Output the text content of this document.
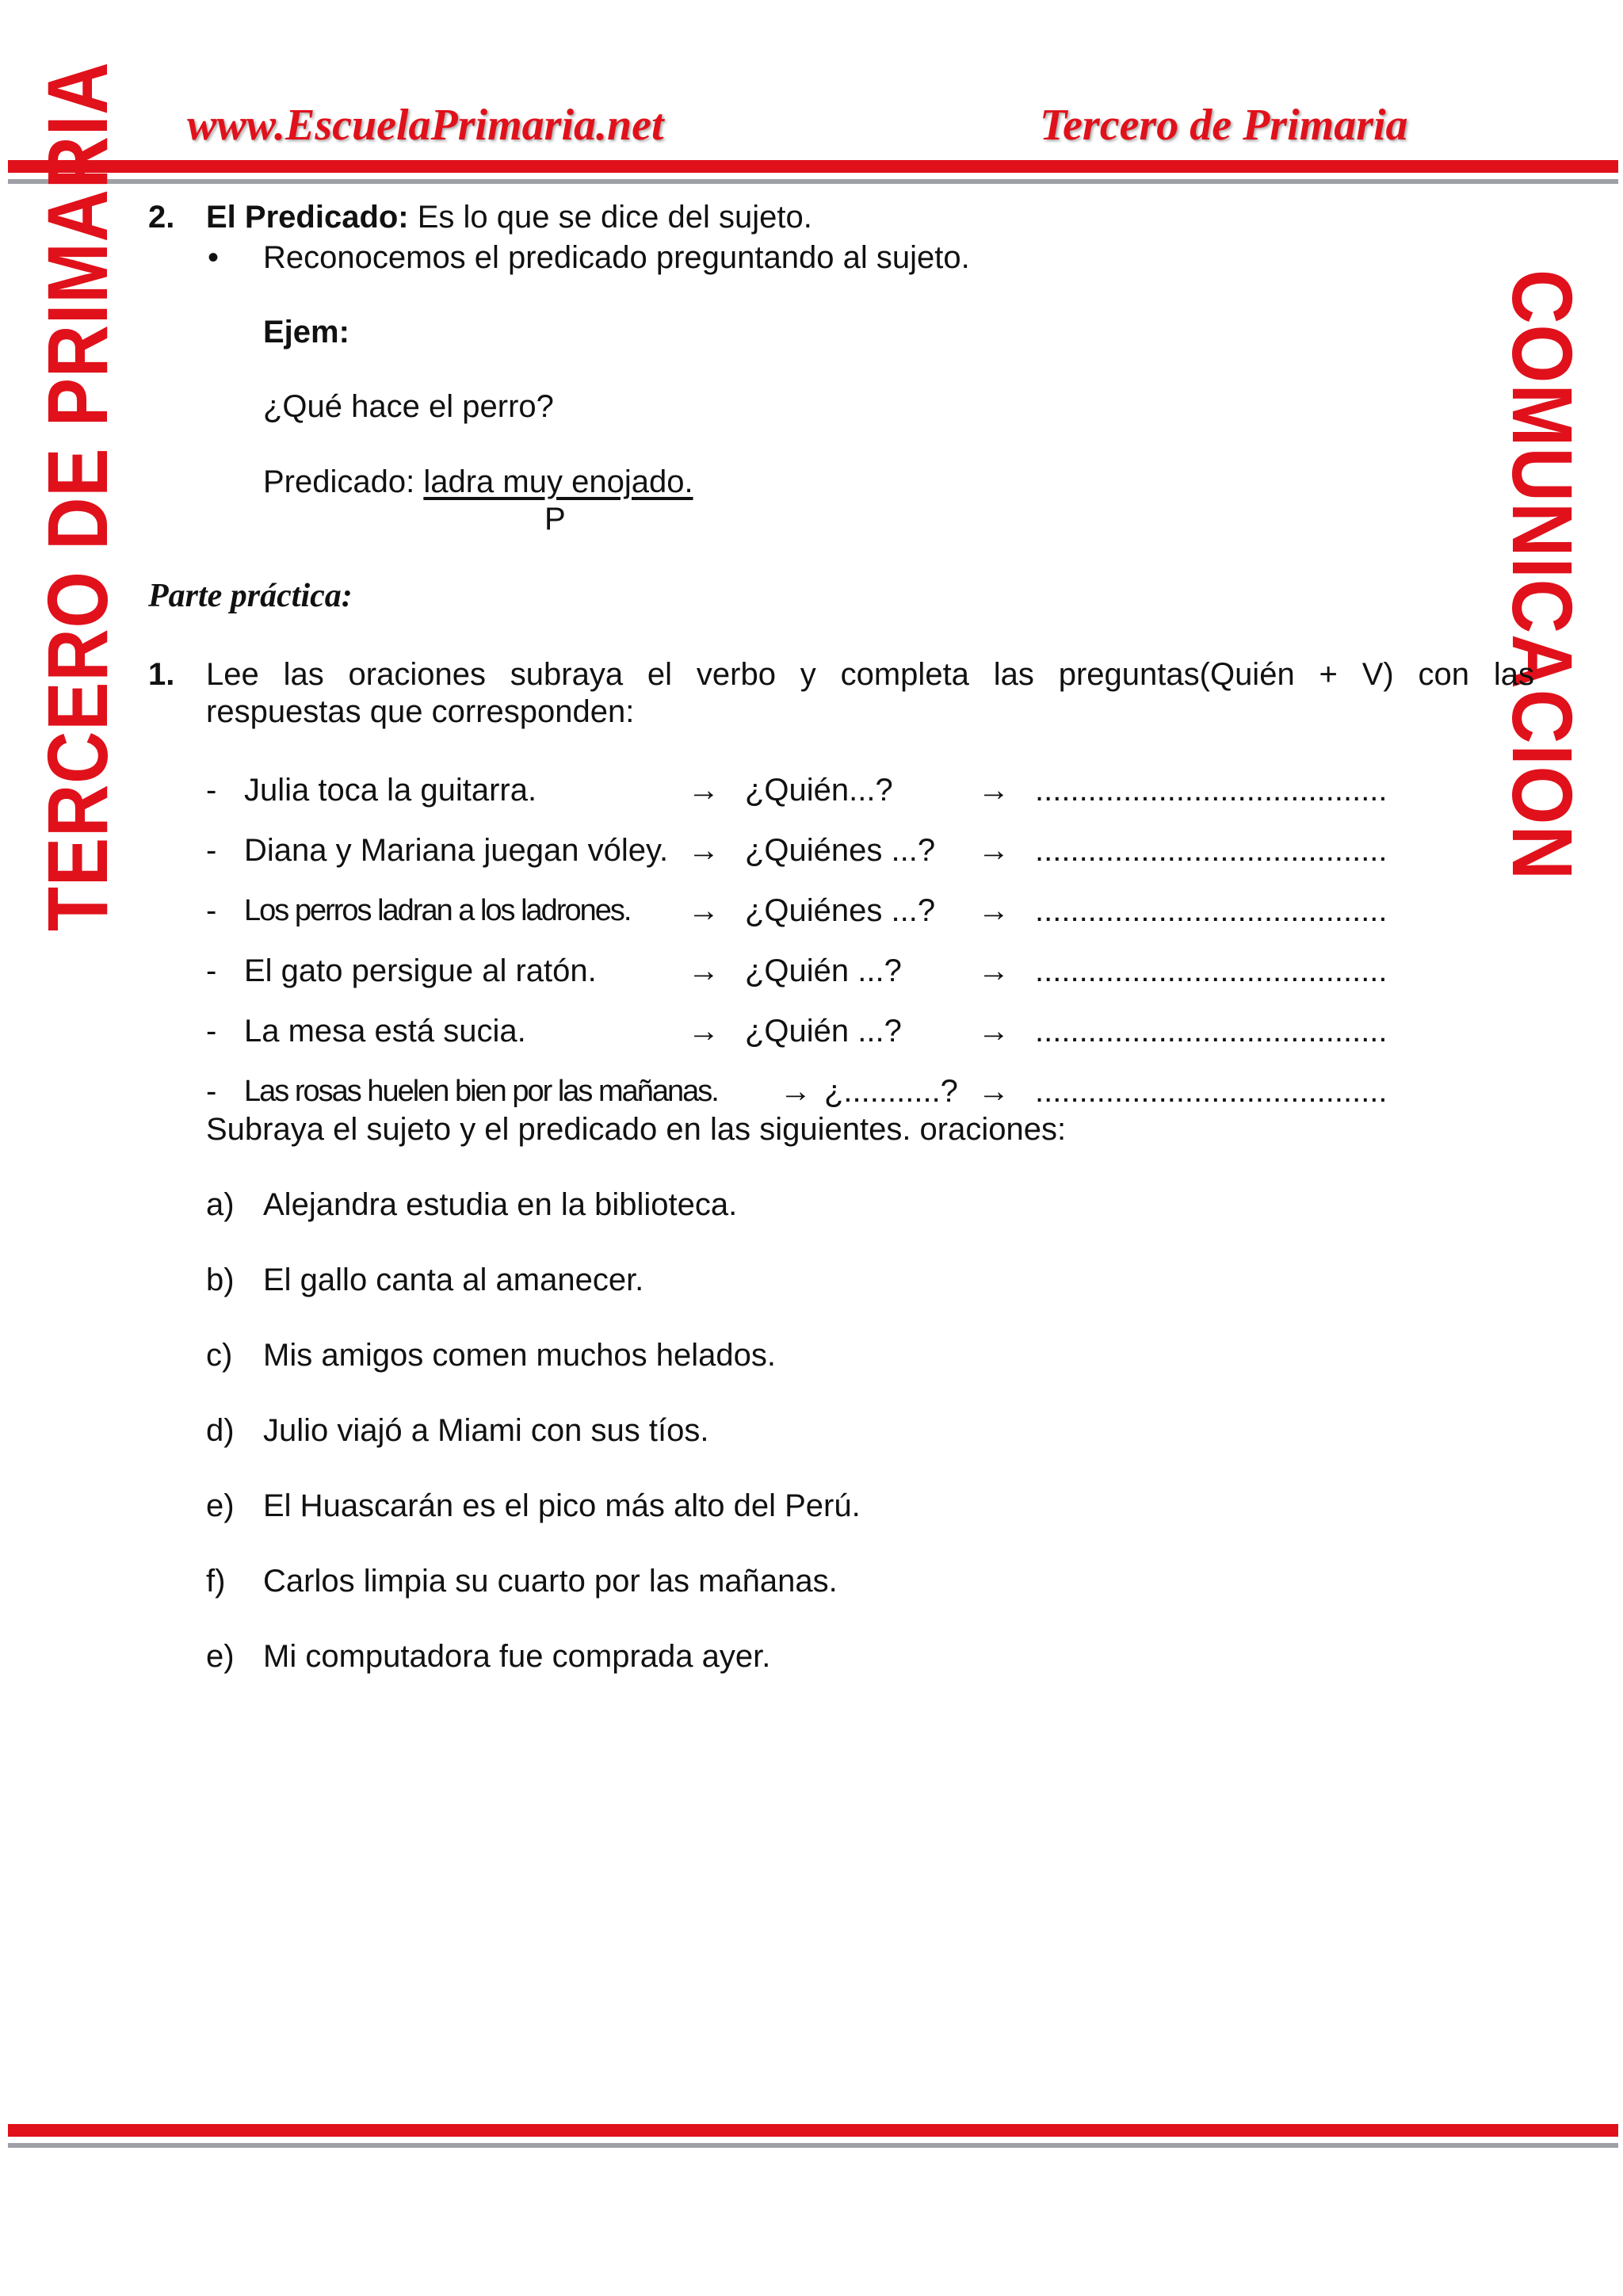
www.EscuelaPrimaria.net	Tercero de Primaria
TERCERO DE PRIMARIA	COMUNICACION
2. El Predicado: Es lo que se dice del sujeto.
• Reconocemos el predicado preguntando al sujeto.
Ejem:
¿Qué hace el perro?
Predicado: ladra muy enojado.
P
Parte práctica:
1. Lee las oraciones subraya el verbo y completa las preguntas(Quién + V) con las
respuestas que corresponden:
- Julia toca la guitarra.	→ ¿Quién...?	→ ........................................
- Diana y Mariana juegan vóley. → ¿Quiénes ...? → ........................................
- Los perros ladran a los ladrones. → ¿Quiénes ...? → ........................................
- El gato persigue al ratón.	→ ¿Quién ...? → ........................................
- La mesa está sucia.	→ ¿Quién ...? → ........................................
- Las rosas huelen bien por las mañanas. → ¿...........? → ........................................
Subraya el sujeto y el predicado en las siguientes. oraciones:
a) Alejandra estudia en la biblioteca.
b) El gallo canta al amanecer.
c) Mis amigos comen muchos helados.
d) Julio viajó a Miami con sus tíos.
e) El Huascarán es el pico más alto del Perú.
f) Carlos limpia su cuarto por las mañanas.
e) Mi computadora fue comprada ayer.
